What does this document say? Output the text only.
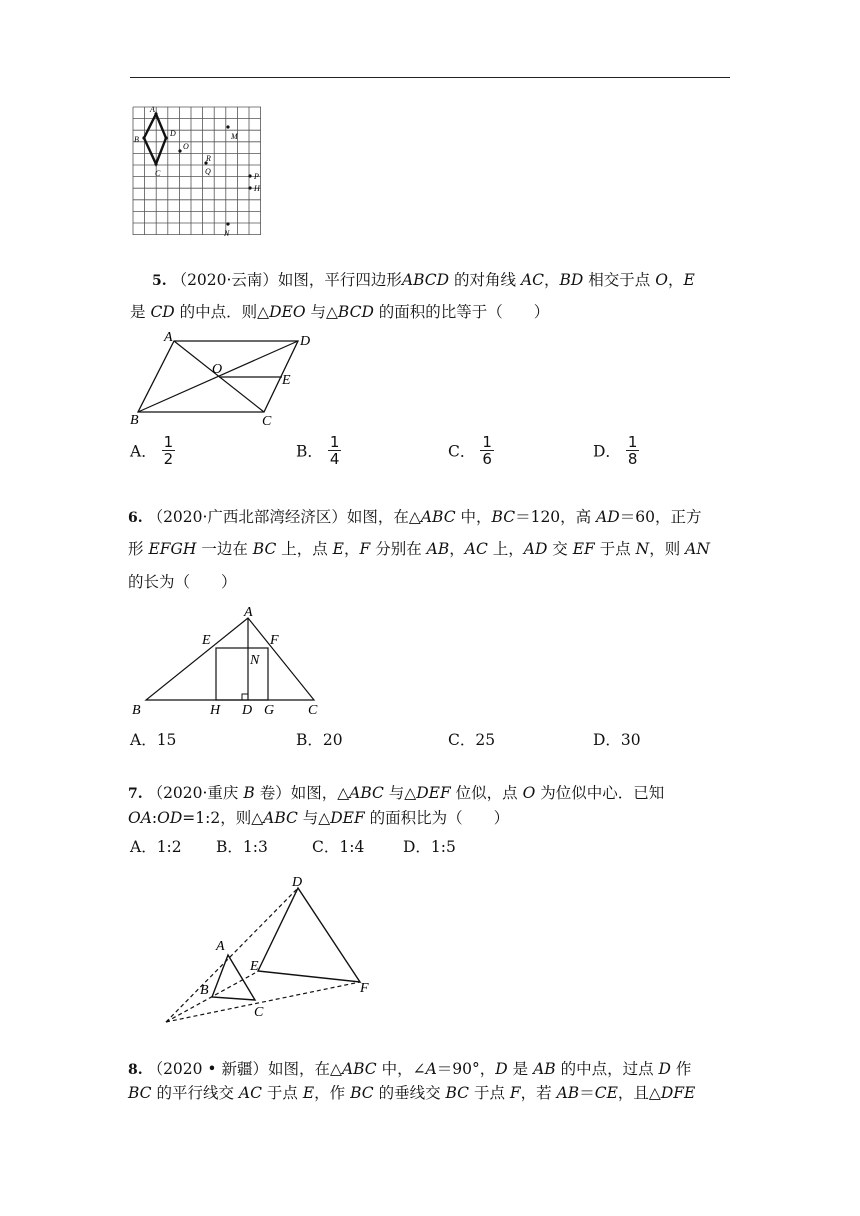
A
B
D
C
O
R
Q
M
P
H
N
5. （2020·云南）如图，平行四边形ABCD 的对角线 AC，BD 相交于点 O，E
是 CD 的中点．则△DEO 与△BCD 的面积的比等于（　　）
A	D
O
E
B	C
A． $\frac{1}{2}$	B． $\frac{1}{4}$	C． $\frac{1}{6}$	D． $\frac{1}{8}$
6. （2020·广西北部湾经济区）如图，在△ABC 中，BC＝120，高 AD＝60，正方
形 EFGH 一边在 BC 上，点 E，F 分别在 AB，AC 上，AD 交 EF 于点 N，则 AN
的长为（　　）
A
E	F
N
B	H D G C
A．15	B．20	C．25	D．30
7. （2020·重庆 B 卷）如图，△ABC 与△DEF 位似，点 O 为位似中心．已知
OA:OD=1:2，则△ABC 与△DEF 的面积比为（　　）
A．1:2 B．1:3	C．1:4 D．1:5
A
B
C
D
E
F
8. （2020 • 新疆）如图，在△ABC 中，∠A＝90°，D 是 AB 的中点，过点 D 作
BC 的平行线交 AC 于点 E，作 BC 的垂线交 BC 于点 F，若 AB＝CE，且△DFE
